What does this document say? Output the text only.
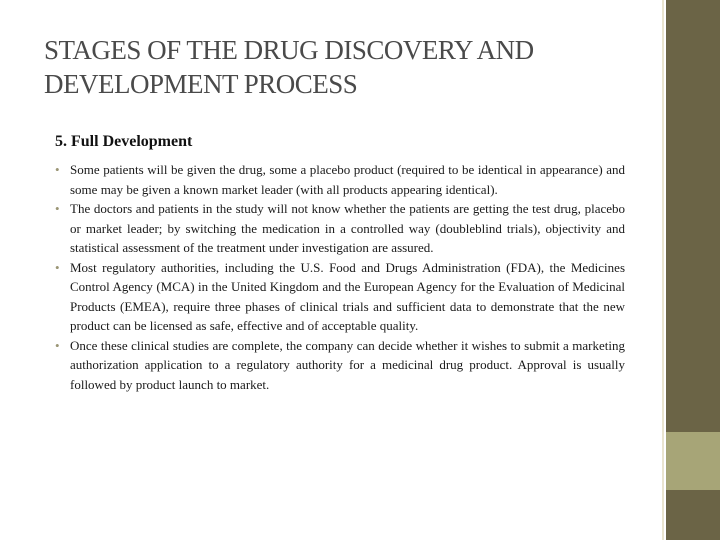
STAGES OF THE DRUG DISCOVERY AND DEVELOPMENT PROCESS
5. Full Development
• Some patients will be given the drug, some a placebo product (required to be identical in appearance) and some may be given a known market leader (with all products appearing identical).
• The doctors and patients in the study will not know whether the patients are getting the test drug, placebo or market leader; by switching the medication in a controlled way (doubleblind trials), objectivity and statistical assessment of the treatment under investigation are assured.
• Most regulatory authorities, including the U.S. Food and Drugs Administration (FDA), the Medicines Control Agency (MCA) in the United Kingdom and the European Agency for the Evaluation of Medicinal Products (EMEA), require three phases of clinical trials and sufficient data to demonstrate that the new product can be licensed as safe, effective and of acceptable quality.
• Once these clinical studies are complete, the company can decide whether it wishes to submit a marketing authorization application to a regulatory authority for a medicinal drug product. Approval is usually followed by product launch to market.
